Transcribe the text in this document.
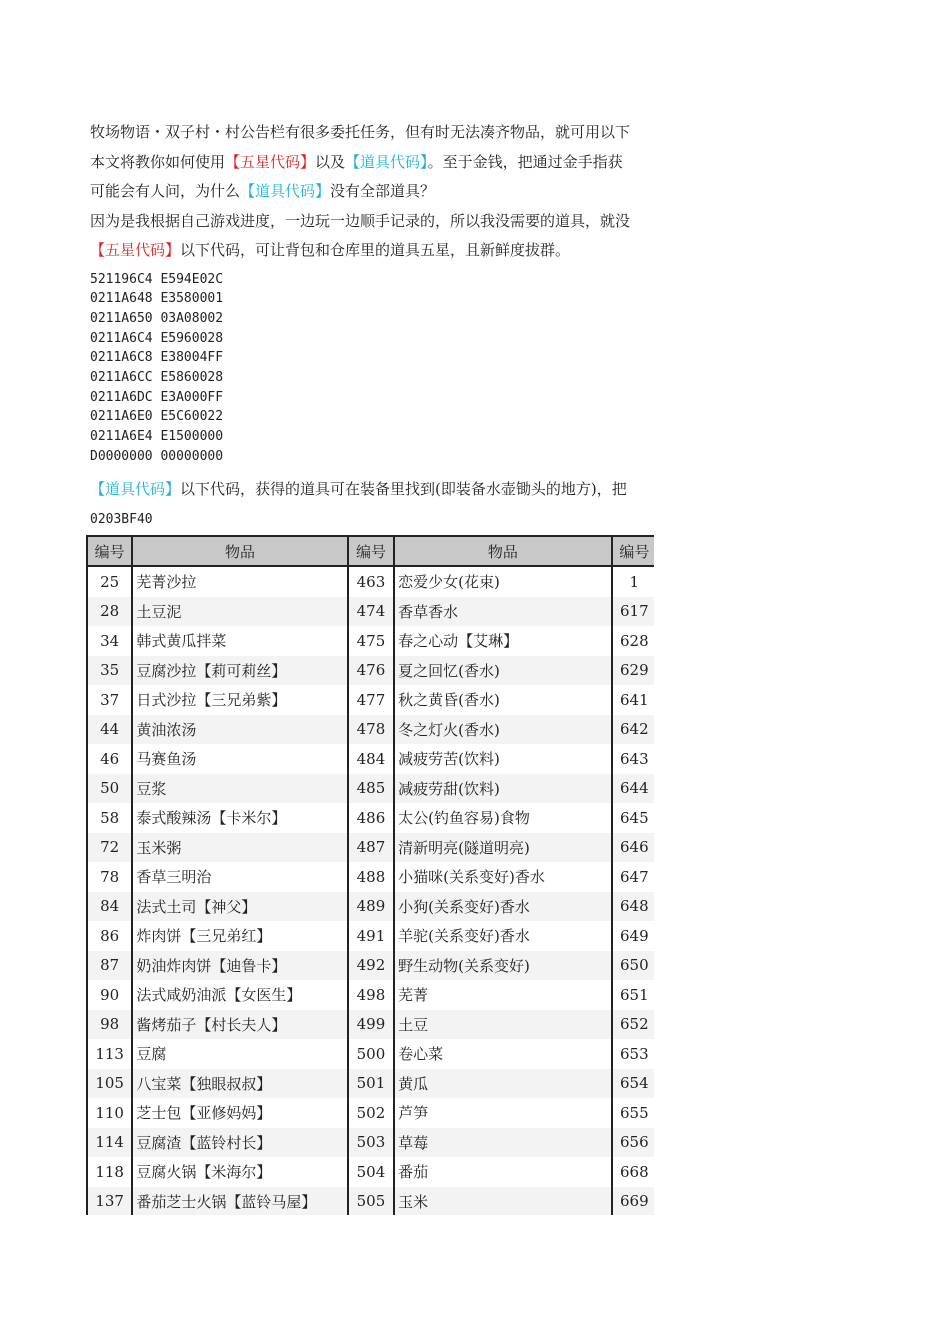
牧场物语・双子村・村公告栏有很多委托任务，但有时无法凑齐物品，就可用以下
本文将教你如何使用【五星代码】以及【道具代码】。至于金钱，把通过金手指获
可能会有人问，为什么【道具代码】没有全部道具？
因为是我根据自己游戏进度，一边玩一边顺手记录的，所以我没需要的道具，就没
【五星代码】以下代码，可让背包和仓库里的道具五星，且新鲜度拔群。
521196C4 E594E02C
0211A648 E3580001
0211A650 03A08002
0211A6C4 E5960028
0211A6C8 E38004FF
0211A6CC E5860028
0211A6DC E3A000FF
0211A6E0 E5C60022
0211A6E4 E1500000
D0000000 00000000
【道具代码】以下代码，获得的道具可在装备里找到(即装备水壶锄头的地方)，把
0203BF40
编号	物品	编号	物品	编号
25	芜菁沙拉	463	恋爱少女(花束)	1
28	土豆泥	474	香草香水	617
34	韩式黄瓜拌菜	475	春之心动【艾琳】	628
35	豆腐沙拉【莉可莉丝】	476	夏之回忆(香水)	629
37	日式沙拉【三兄弟紫】	477	秋之黄昏(香水)	641
44	黄油浓汤	478	冬之灯火(香水)	642
46	马赛鱼汤	484	减疲劳苦(饮料)	643
50	豆浆	485	减疲劳甜(饮料)	644
58	泰式酸辣汤【卡米尔】	486	太公(钓鱼容易)食物	645
72	玉米粥	487	清新明亮(隧道明亮)	646
78	香草三明治	488	小猫咪(关系变好)香水	647
84	法式土司【神父】	489	小狗(关系变好)香水	648
86	炸肉饼【三兄弟红】	491	羊驼(关系变好)香水	649
87	奶油炸肉饼【迪鲁卡】	492	野生动物(关系变好)	650
90	法式咸奶油派【女医生】	498	芜菁	651
98	酱烤茄子【村长夫人】	499	土豆	652
113	豆腐	500	卷心菜	653
105	八宝菜【独眼叔叔】	501	黄瓜	654
110	芝士包【亚修妈妈】	502	芦笋	655
114	豆腐渣【蓝铃村长】	503	草莓	656
118	豆腐火锅【米海尔】	504	番茄	668
137	番茄芝士火锅【蓝铃马屋】	505	玉米	669
